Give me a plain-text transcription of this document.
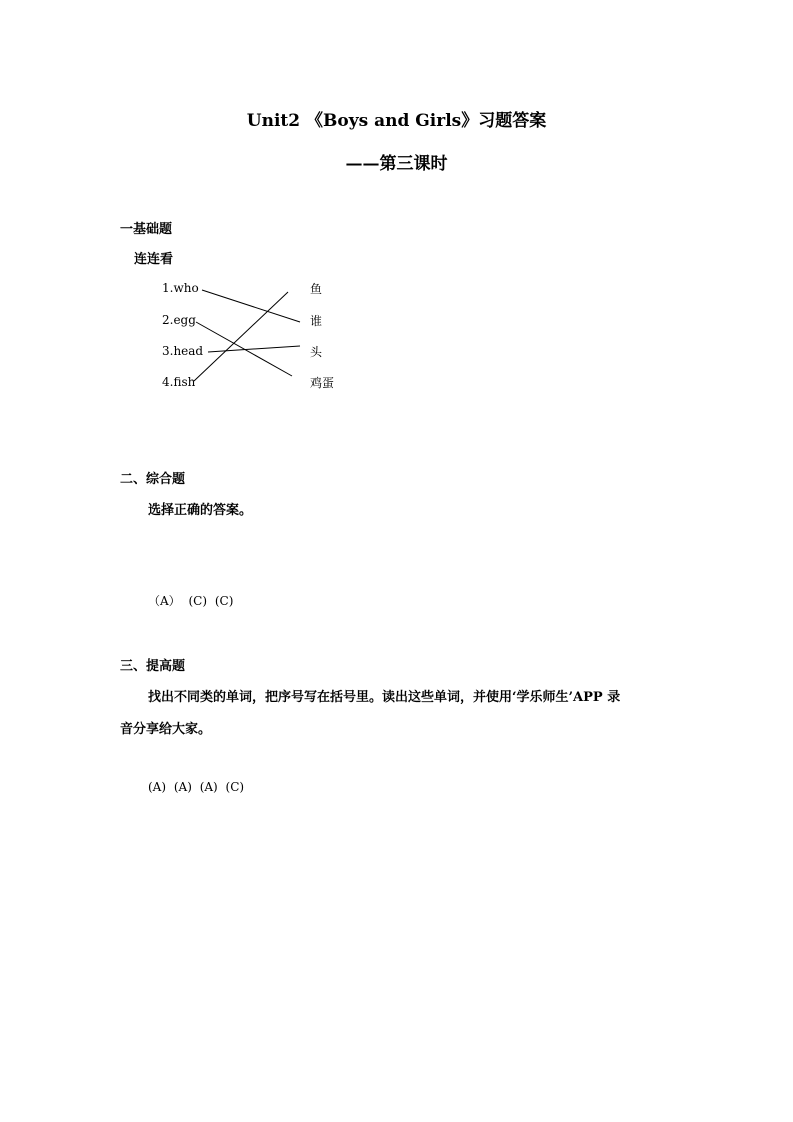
Unit2 《Boys and Girls》习题答案
——第三课时
一基础题
连连看
1.who
2.egg
3.head
4.fish
鱼
谁
头
鸡蛋
二、综合题
选择正确的答案。
（A） (C) (C)
三、提高题
找出不同类的单词，把序号写在括号里。读出这些单词，并使用‘学乐师生’APP 录
音分享给大家。
(A) (A) (A) (C)
